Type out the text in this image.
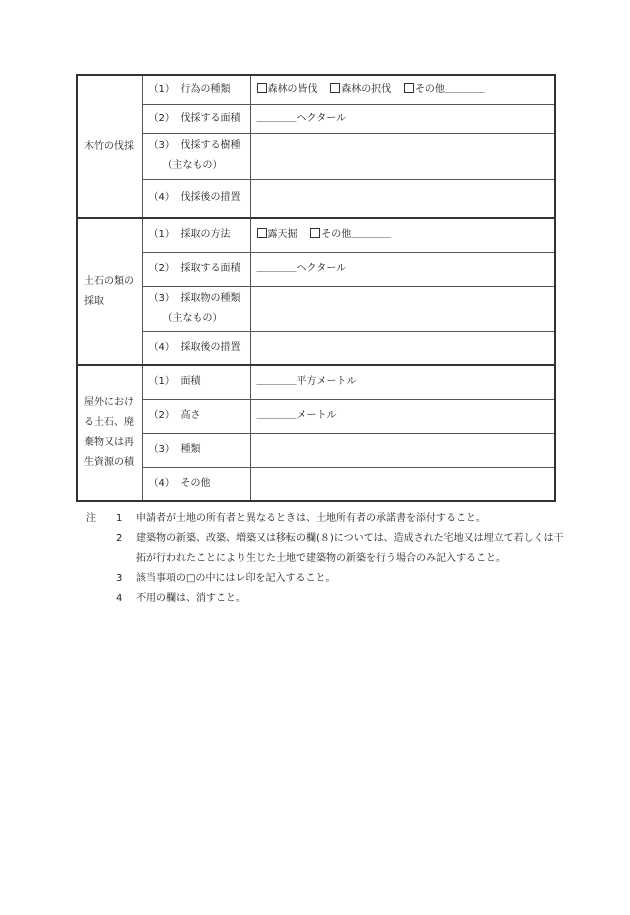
木竹の伐採	（1） 行為の種類	森林の皆伐 森林の択伐 その他＿＿＿＿
	（2） 伐採する面積	＿＿＿＿ヘクタール
	（3） 伐採する樹種
（主なもの）	
	（4） 伐採後の措置	
土石の類の
採取	（1） 採取の方法	露天掘 その他＿＿＿＿
	（2） 採取する面積	＿＿＿＿ヘクタール
	（3） 採取物の種類
（主なもの）	
	（4） 採取後の措置	
屋外におけ
る土石、廃
棄物又は再
生資源の積	（1） 面積	＿＿＿＿平方メートル
	（2） 高さ	＿＿＿＿メートル
	（3） 種類	
	（4） その他	
注 1 申請者が土地の所有者と異なるときは、土地所有者の承諾書を添付すること。
2 建築物の新築、改築、増築又は移転の欄(８)については、造成された宅地又は埋立て若しくは干拓が行われたことにより生じた土地で建築物の新築を行う場合のみ記入すること。
3 該当事項の□の中にはレ印を記入すること。
4 不用の欄は、消すこと。
